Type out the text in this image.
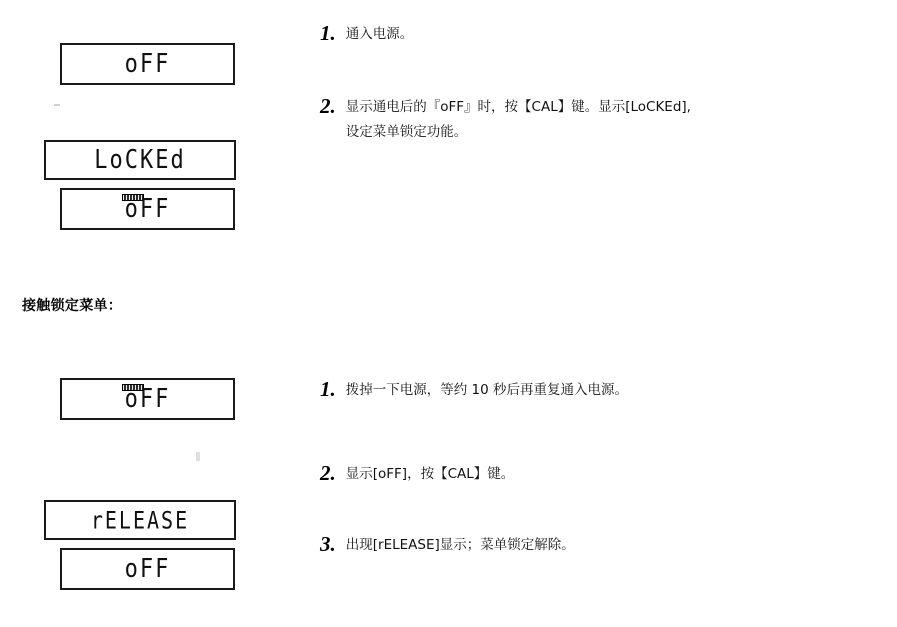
oFF
LoCKEd
oFF
oFF
rELEASE
oFF
接触锁定菜单：
1. 通入电源。
2. 显示通电后的『oFF』时，按【CAL】键。显示[LoCKEd],
设定菜单锁定功能。
1. 拨掉一下电源，等约 10 秒后再重复通入电源。
2. 显示[oFF]，按【CAL】键。
3. 出现[rELEASE]显示；菜单锁定解除。
